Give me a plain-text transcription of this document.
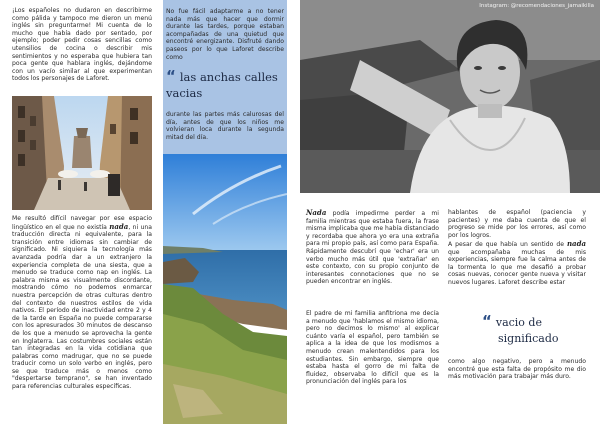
¡Los españoles no dudaron en describirme como pálida y tampoco me dieron un menú inglés sin preguntarme! Mi cuenta de lo mucho que había dado por sentado, por ejemplo; poder pedir cosas sencillas como utensilios de cocina o describir mis sentimientos y no esperaba que hubiera tan poca gente que hablara inglés, dejándome con un vacío similar al que experimentan todos los personajes de Laforet.

Me resultó difícil navegar por ese espacio lingüístico en el que no existía nada, ni una traducción directa ni equivalente, para la transición entre idiomas sin cambiar de significado. Ni siquiera la tecnología más avanzada podría dar a un extranjero la experiencia completa de una siesta, que a menudo se traduce como nap en inglés. La palabra misma es visualmente discordante, mostrando cómo no podemos enmarcar nuestra percepción de otras culturas dentro del contexto de nuestros estilos de vida nativos. El período de inactividad entre 2 y 4 de la tarde en España no puede compararse con los apresurados 30 minutos de descanso de los que a menudo se aprovecha la gente en Inglaterra. Las costumbres sociales están tan integradas en la vida cotidiana que palabras como madrugar, que no se puede traducir como un solo verbo en inglés, pero se que traduce más o menos como "despertarse temprano", se han inventado para referencias culturales específicas.

No fue fácil adaptarme a no tener nada más que hacer que dormir durante las tardes, porque estaban acompañadas de una quietud que encontré energizante. Disfruté dando paseos por lo que Laforet describe como

“ las anchas calles
vacias

durante las partes más calurosas del día, antes de que los niños me volvieran loca durante la segunda mitad del día.

Nada podía impedirme perder a mi familia mientras que estaba fuera, la frase misma implicaba que me había distanciado y recordaba que ahora yo era una extraña para mi propio país, así como para España. Rápidamente descubrí que 'echar' era un verbo mucho más útil que 'extrañar' en este contexto, con su propio conjunto de interesantes connotaciones que no se pueden encontrar en inglés.

El padre de mi familia anfitriona me decía a menudo que 'hablamos el mismo idioma, pero no decimos lo mismo' al explicar cuánto varía el español, pero también se aplica a la idea de que los modismos a menudo crean malentendidos para los estudiantes. Sin embargo, siempre que estaba hasta el gorro de mi falta de fluidez, observaba lo difícil que es la pronunciación del inglés para los

Instagram: @recomendaciones_jamaikilla

hablantes de español (paciencia y pacientes) y me daba cuenta de que el progreso se mide por los errores, así como por los logros.

A pesar de que había un sentido de nada que acompañaba muchas de mis experiencias, siempre fue la calma antes de la tormenta lo que me desafió a probar cosas nuevas, conocer gente nueva y visitar nuevos lugares. Laforet describe estar

“ vacio de
significado

como algo negativo, pero a menudo encontré que esta falta de propósito me dio más motivación para trabajar más duro.
